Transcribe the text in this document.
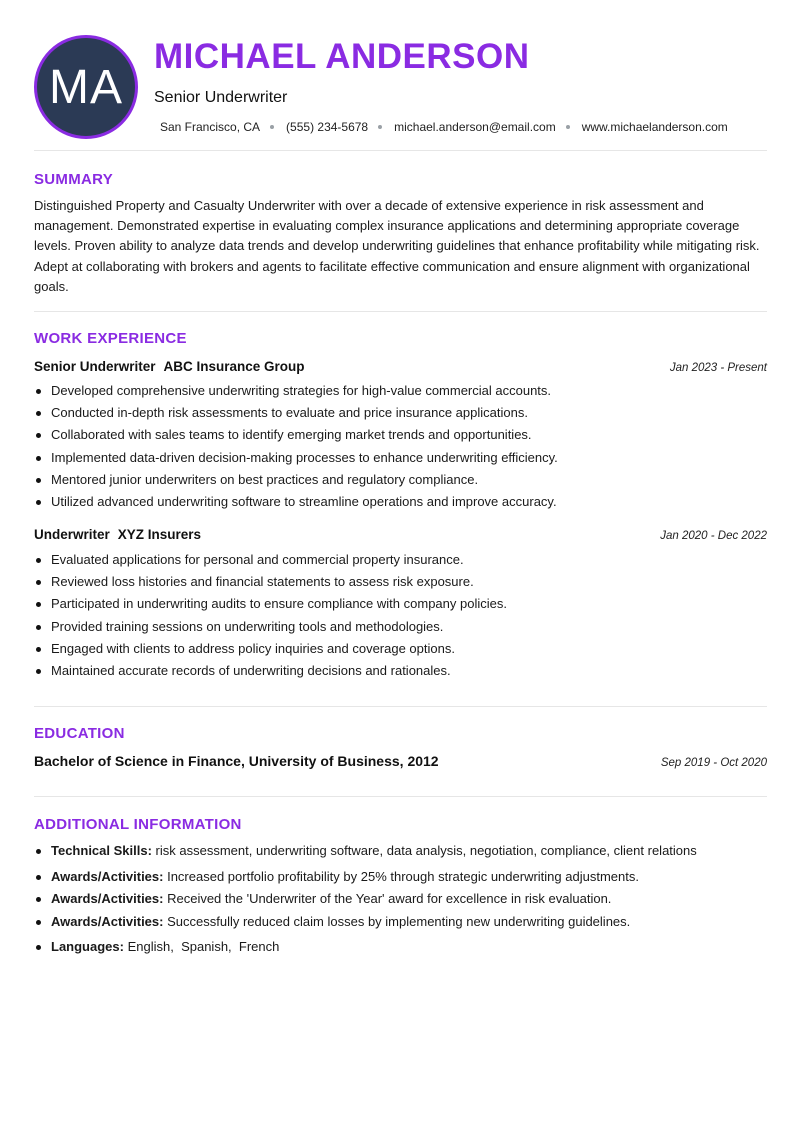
MA
MICHAEL ANDERSON
Senior Underwriter
San Francisco, CA (555) 234-5678 michael.anderson@email.com www.michaelanderson.com
SUMMARY

Distinguished Property and Casualty Underwriter with over a decade of extensive experience in risk assessment and management. Demonstrated expertise in evaluating complex insurance applications and determining appropriate coverage levels. Proven ability to analyze data trends and develop underwriting guidelines that enhance profitability while mitigating risk. Adept at collaborating with brokers and agents to facilitate effective communication and ensure alignment with organizational goals.

WORK EXPERIENCE
Senior Underwriter ABC Insurance Group	Jan 2023 - Present
Developed comprehensive underwriting strategies for high-value commercial accounts.
Conducted in-depth risk assessments to evaluate and price insurance applications.
Collaborated with sales teams to identify emerging market trends and opportunities.
Implemented data-driven decision-making processes to enhance underwriting efficiency.
Mentored junior underwriters on best practices and regulatory compliance.
Utilized advanced underwriting software to streamline operations and improve accuracy.
Underwriter XYZ Insurers	Jan 2020 - Dec 2022
Evaluated applications for personal and commercial property insurance.
Reviewed loss histories and financial statements to assess risk exposure.
Participated in underwriting audits to ensure compliance with company policies.
Provided training sessions on underwriting tools and methodologies.
Engaged with clients to address policy inquiries and coverage options.
Maintained accurate records of underwriting decisions and rationales.
EDUCATION
Bachelor of Science in Finance, University of Business, 2012	Sep 2019 - Oct 2020
ADDITIONAL INFORMATION
Technical Skills: risk assessment, underwriting software, data analysis, negotiation, compliance, client relations
Awards/Activities: Increased portfolio profitability by 25% through strategic underwriting adjustments.
Awards/Activities: Received the 'Underwriter of the Year' award for excellence in risk evaluation.
Awards/Activities: Successfully reduced claim losses by implementing new underwriting guidelines.
Languages: English,  Spanish,  French
